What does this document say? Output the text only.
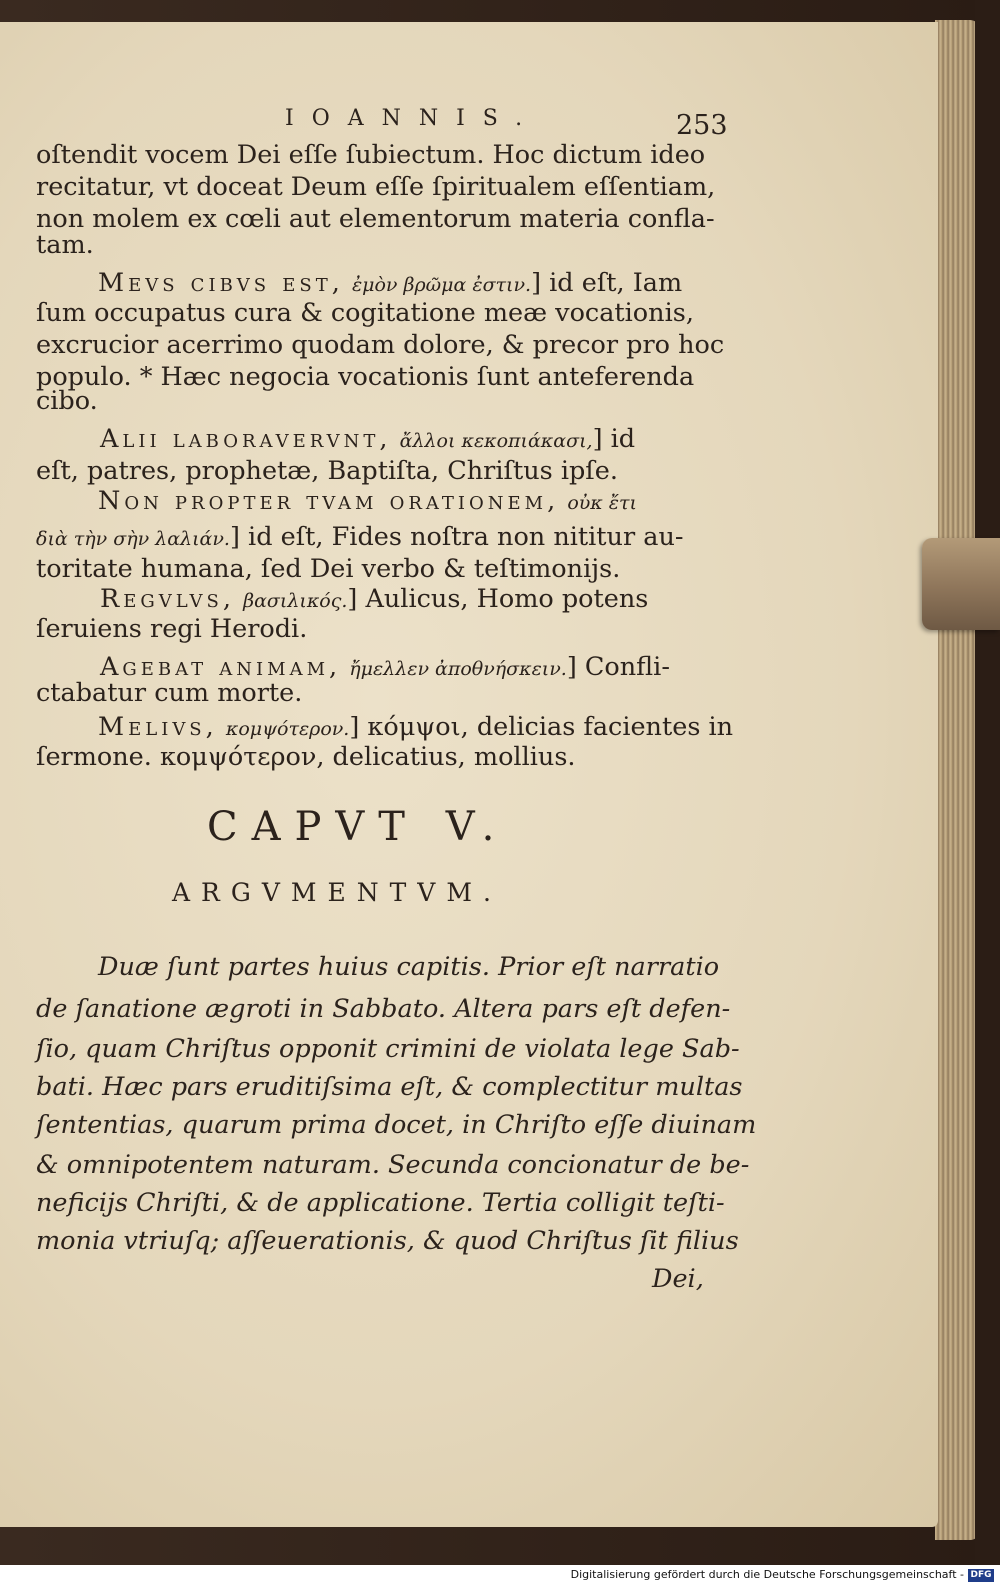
IOANNIS.	253

oſtendit vocem Dei eſſe ſubiectum. Hoc dictum ideo

recitatur, vt doceat Deum eſſe ſpiritualem eſſentiam,

non molem ex cœli aut elementorum materia confla-

tam.

Mevs cibvs est, ἐμὸν βρῶμα ἐστιν.] id eſt, Iam

ſum occupatus cura & cogitatione meæ vocationis,

excrucior acerrimo quodam dolore, & precor pro hoc

populo. * Hæc negocia vocationis ſunt anteferenda

cibo.

Alii laboravervnt, ἄλλοι κεκοπιάκασι,] id

eſt, patres, prophetæ, Baptiſta, Chriſtus ipſe.

Non propter tvam orationem, οὐκ ἔτι

διὰ τὴν σὴν λαλιάν.] id eſt, Fides noſtra non nititur au-

toritate humana, ſed Dei verbo & teſtimonijs.

Regvlvs, βασιλικός.] Aulicus, Homo potens

ſeruiens regi Herodi.

Agebat animam, ἤμελλεν ἀποθνήσκειν.] Confli-

ctabatur cum morte.

Melivs, κομψότερον.] κόμψοι, delicias facientes in

ſermone. κομψότερον, delicatius, mollius.

CAPVT V.

ARGVMENTVM.

Duæ ſunt partes huius capitis. Prior eſt narratio

de ſanatione ægroti in Sabbato. Altera pars eſt defen-

ſio, quam Chriſtus opponit crimini de violata lege Sab-

bati. Hæc pars eruditiſsima eſt, & complectitur multas

ſententias, quarum prima docet, in Chriſto eſſe diuinam

& omnipotentem naturam. Secunda concionatur de be-

neficijs Chriſti, & de applicatione. Tertia colligit teſti-

monia vtriuſq; aſſeuerationis, & quod Chriſtus ſit filius

Dei,

Digitalisierung gefördert durch die Deutsche Forschungsgemeinschaft - DFG
